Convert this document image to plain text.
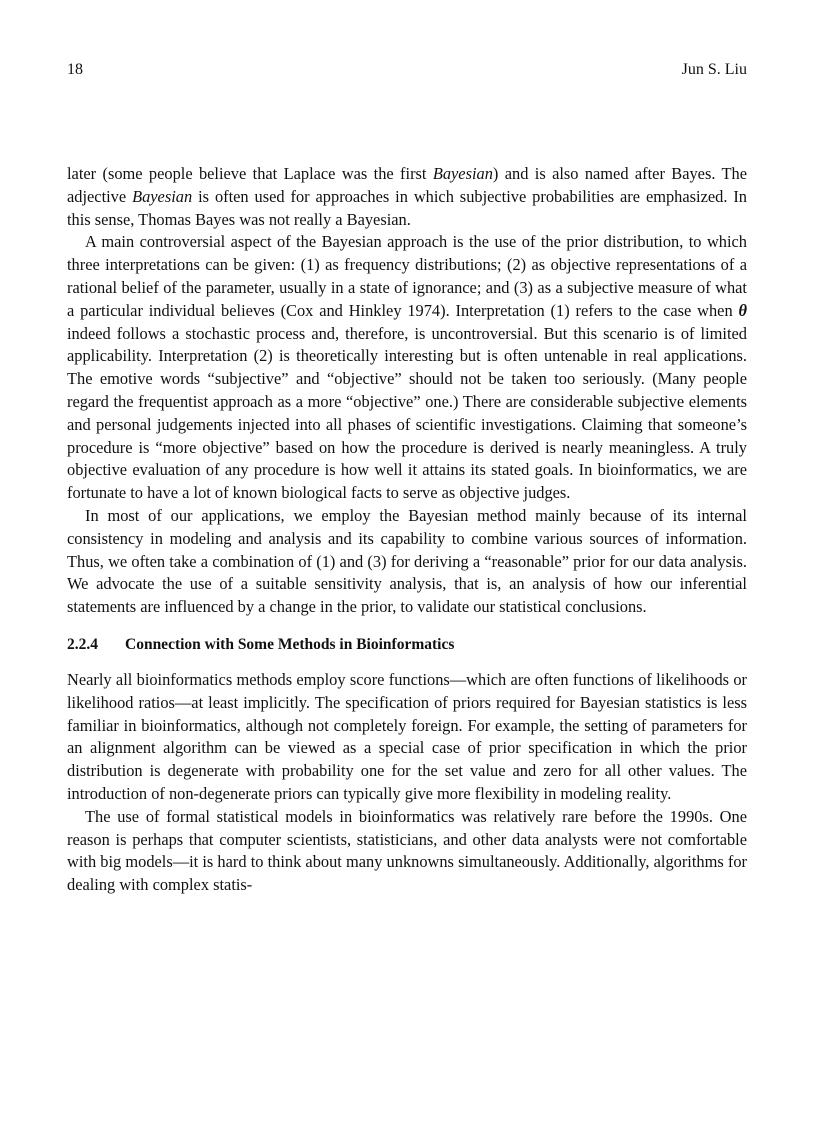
18	Jun S. Liu

later (some people believe that Laplace was the first Bayesian) and is also named after Bayes. The adjective Bayesian is often used for approaches in which subjective probabilities are emphasized. In this sense, Thomas Bayes was not really a Bayesian.

A main controversial aspect of the Bayesian approach is the use of the prior distribution, to which three interpretations can be given: (1) as frequency distributions; (2) as objective representations of a rational belief of the parameter, usually in a state of ignorance; and (3) as a subjective measure of what a particular individual believes (Cox and Hinkley 1974). Interpretation (1) refers to the case when θ indeed follows a stochastic process and, therefore, is uncontroversial. But this scenario is of limited applicability. Interpretation (2) is theoretically interesting but is often untenable in real applications. The emotive words “subjective” and “objective” should not be taken too seriously. (Many people regard the frequentist approach as a more “objective” one.) There are considerable subjective elements and personal judgements injected into all phases of scientific investigations. Claiming that someone’s procedure is “more objective” based on how the procedure is derived is nearly meaningless. A truly objective evaluation of any procedure is how well it attains its stated goals. In bioinformatics, we are fortunate to have a lot of known biological facts to serve as objective judges.

In most of our applications, we employ the Bayesian method mainly because of its internal consistency in modeling and analysis and its capability to combine various sources of information. Thus, we often take a combination of (1) and (3) for deriving a “reasonable” prior for our data analysis. We advocate the use of a suitable sensitivity analysis, that is, an analysis of how our inferential statements are influenced by a change in the prior, to validate our statistical conclusions.

2.2.4 Connection with Some Methods in Bioinformatics

Nearly all bioinformatics methods employ score functions—which are often functions of likelihoods or likelihood ratios—at least implicitly. The specification of priors required for Bayesian statistics is less familiar in bioinformatics, although not completely foreign. For example, the setting of parameters for an alignment algorithm can be viewed as a special case of prior specification in which the prior distribution is degenerate with probability one for the set value and zero for all other values. The introduction of non-degenerate priors can typically give more flexibility in modeling reality.

The use of formal statistical models in bioinformatics was relatively rare before the 1990s. One reason is perhaps that computer scientists, statisticians, and other data analysts were not comfortable with big models—it is hard to think about many unknowns simultaneously. Additionally, algorithms for dealing with complex statis-
